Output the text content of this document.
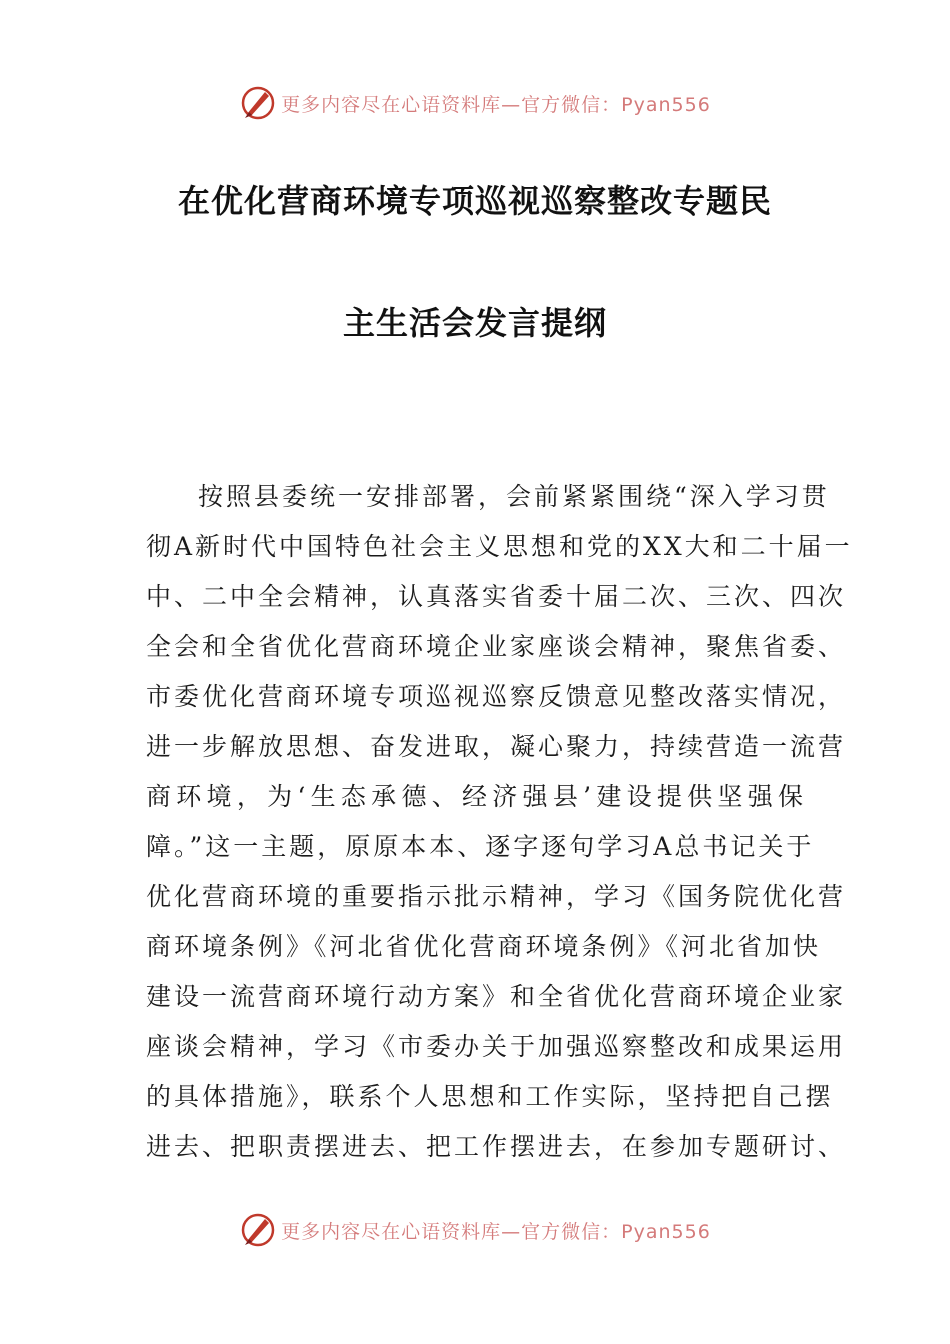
更多内容尽在心语资料库—官方微信：Pyan556
在优化营商环境专项巡视巡察整改专题民
主生活会发言提纲
按照县委统一安排部署，会前紧紧围绕“深入学习贯
彻A新时代中国特色社会主义思想和党的XX大和二十届一
中、二中全会精神，认真落实省委十届二次、三次、四次
全会和全省优化营商环境企业家座谈会精神，聚焦省委、
市委优化营商环境专项巡视巡察反馈意见整改落实情况，
进一步解放思想、奋发进取，凝心聚力，持续营造一流营
商环境，为‘生态承德、经济强县’建设提供坚强保
障。”这一主题，原原本本、逐字逐句学习A总书记关于
优化营商环境的重要指示批示精神，学习《国务院优化营
商环境条例》《河北省优化营商环境条例》《河北省加快
建设一流营商环境行动方案》和全省优化营商环境企业家
座谈会精神，学习《市委办关于加强巡察整改和成果运用
的具体措施》，联系个人思想和工作实际，坚持把自己摆
进去、把职责摆进去、把工作摆进去，在参加专题研讨、
更多内容尽在心语资料库—官方微信：Pyan556
